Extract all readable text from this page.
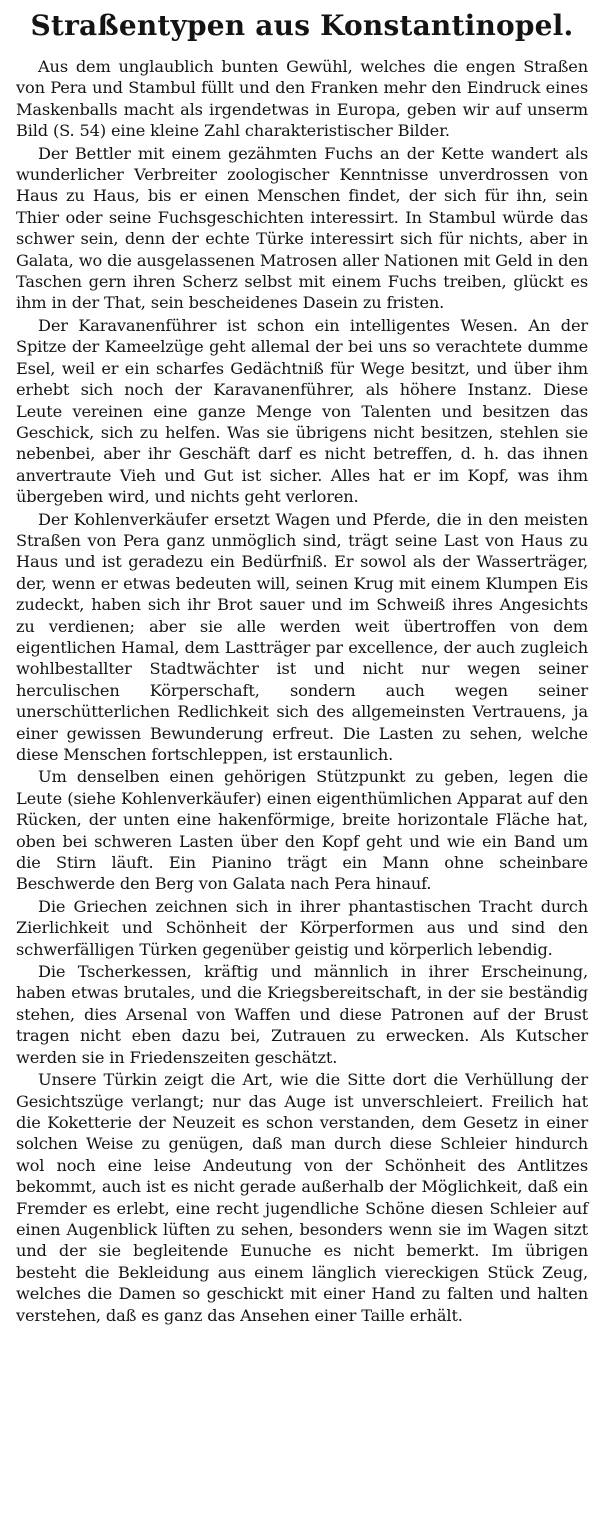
Straßentypen aus Konstantinopel.

Aus dem unglaublich bunten Gewühl, welches die engen Straßen von Pera und Stambul füllt und den Franken mehr den Eindruck eines Maskenballs macht als irgendetwas in Europa, geben wir auf unserm Bild (S. 54) eine kleine Zahl charakteristischer Bilder.

Der Bettler mit einem gezähmten Fuchs an der Kette wandert als wunderlicher Verbreiter zoologischer Kenntnisse unverdrossen von Haus zu Haus, bis er einen Menschen findet, der sich für ihn, sein Thier oder seine Fuchsgeschichten interessirt. In Stambul würde das schwer sein, denn der echte Türke interessirt sich für nichts, aber in Galata, wo die ausgelassenen Matrosen aller Nationen mit Geld in den Taschen gern ihren Scherz selbst mit einem Fuchs treiben, glückt es ihm in der That, sein bescheidenes Dasein zu fristen.

Der Karavanenführer ist schon ein intelligentes Wesen. An der Spitze der Kameelzüge geht allemal der bei uns so verachtete dumme Esel, weil er ein scharfes Gedächtniß für Wege besitzt, und über ihm erhebt sich noch der Karavanenführer, als höhere Instanz. Diese Leute vereinen eine ganze Menge von Talenten und besitzen das Geschick, sich zu helfen. Was sie übrigens nicht besitzen, stehlen sie nebenbei, aber ihr Geschäft darf es nicht betreffen, d. h. das ihnen anvertraute Vieh und Gut ist sicher. Alles hat er im Kopf, was ihm übergeben wird, und nichts geht verloren.

Der Kohlenverkäufer ersetzt Wagen und Pferde, die in den meisten Straßen von Pera ganz unmöglich sind, trägt seine Last von Haus zu Haus und ist geradezu ein Bedürfniß. Er sowol als der Wasserträger, der, wenn er etwas bedeuten will, seinen Krug mit einem Klumpen Eis zudeckt, haben sich ihr Brot sauer und im Schweiß ihres Angesichts zu verdienen; aber sie alle werden weit übertroffen von dem eigentlichen Hamal, dem Lastträger par excellence, der auch zugleich wohlbestallter Stadtwächter ist und nicht nur wegen seiner herculischen Körperschaft, sondern auch wegen seiner unerschütterlichen Redlichkeit sich des allgemeinsten Vertrauens, ja einer gewissen Bewunderung erfreut. Die Lasten zu sehen, welche diese Menschen fortschleppen, ist erstaunlich.

Um denselben einen gehörigen Stützpunkt zu geben, legen die Leute (siehe Kohlenverkäufer) einen eigenthümlichen Apparat auf den Rücken, der unten eine hakenförmige, breite horizontale Fläche hat, oben bei schweren Lasten über den Kopf geht und wie ein Band um die Stirn läuft. Ein Pianino trägt ein Mann ohne scheinbare Beschwerde den Berg von Galata nach Pera hinauf.

Die Griechen zeichnen sich in ihrer phantastischen Tracht durch Zierlichkeit und Schönheit der Körperformen aus und sind den schwerfälligen Türken gegenüber geistig und körperlich lebendig.

Die Tscherkessen, kräftig und männlich in ihrer Erscheinung, haben etwas brutales, und die Kriegsbereitschaft, in der sie beständig stehen, dies Arsenal von Waffen und diese Patronen auf der Brust tragen nicht eben dazu bei, Zutrauen zu erwecken. Als Kutscher werden sie in Friedenszeiten geschätzt.

Unsere Türkin zeigt die Art, wie die Sitte dort die Verhüllung der Gesichtszüge verlangt; nur das Auge ist unverschleiert. Freilich hat die Koketterie der Neuzeit es schon verstanden, dem Gesetz in einer solchen Weise zu genügen, daß man durch diese Schleier hindurch wol noch eine leise Andeutung von der Schönheit des Antlitzes bekommt, auch ist es nicht gerade außerhalb der Möglichkeit, daß ein Fremder es erlebt, eine recht jugendliche Schöne diesen Schleier auf einen Augenblick lüften zu sehen, besonders wenn sie im Wagen sitzt und der sie begleitende Eunuche es nicht bemerkt. Im übrigen besteht die Bekleidung aus einem länglich viereckigen Stück Zeug, welches die Damen so geschickt mit einer Hand zu falten und halten verstehen, daß es ganz das Ansehen einer Taille erhält.
